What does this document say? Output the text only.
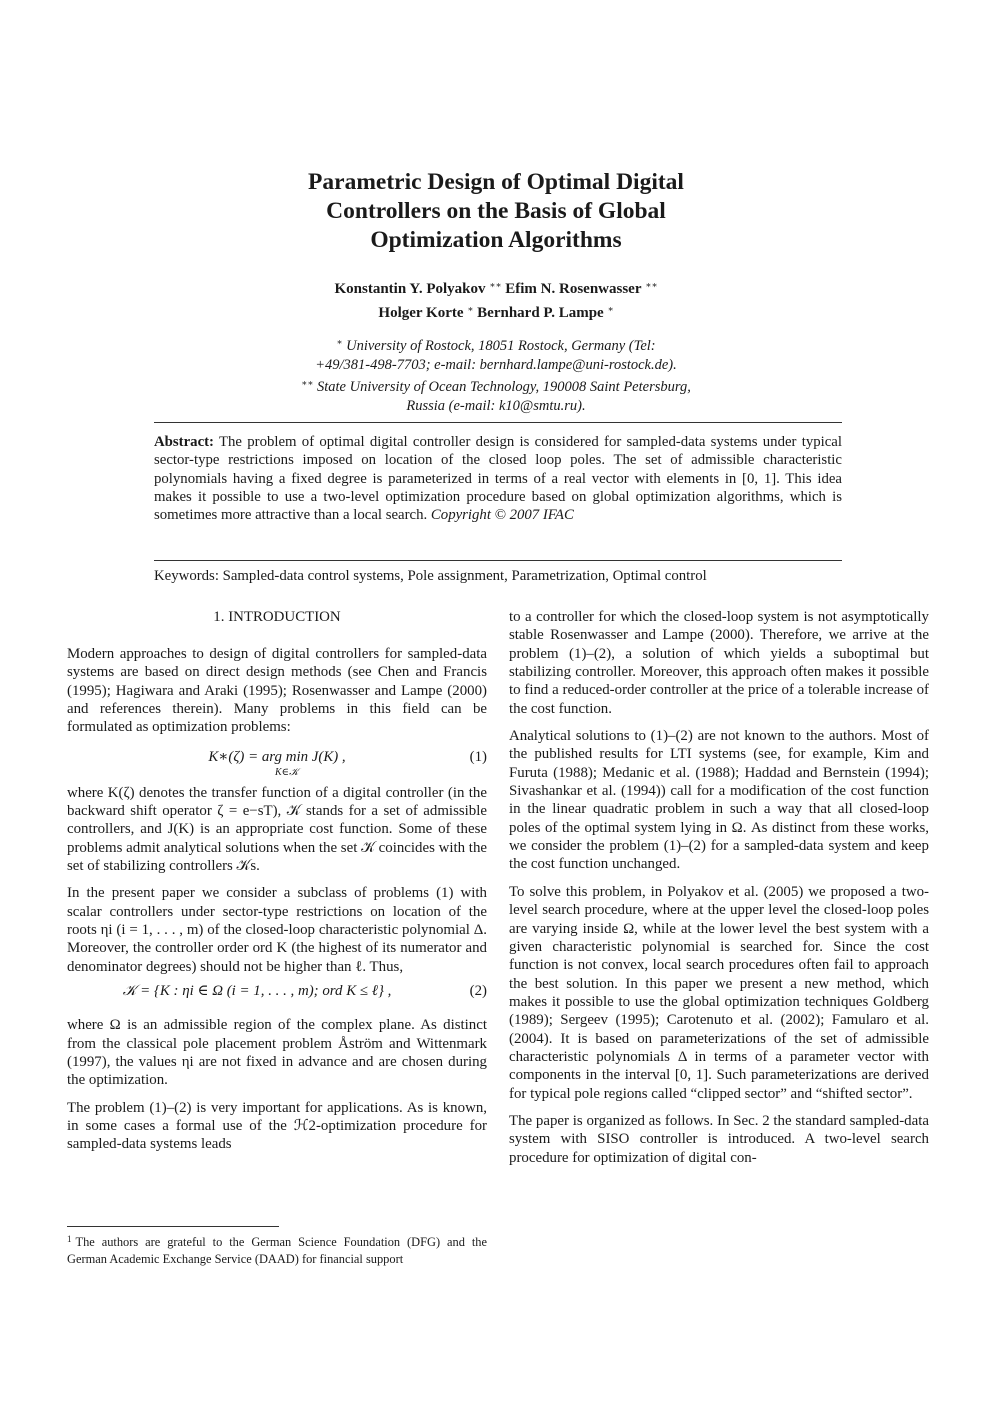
Parametric Design of Optimal Digital
Controllers on the Basis of Global
Optimization Algorithms
Konstantin Y. Polyakov ∗∗ Efim N. Rosenwasser ∗∗
Holger Korte ∗ Bernhard P. Lampe ∗
∗ University of Rostock, 18051 Rostock, Germany (Tel:
+49/381-498-7703; e-mail: bernhard.lampe@uni-rostock.de).
∗∗ State University of Ocean Technology, 190008 Saint Petersburg,
Russia (e-mail: k10@smtu.ru).
Abstract: The problem of optimal digital controller design is considered for sampled-data systems under typical sector-type restrictions imposed on location of the closed loop poles. The set of admissible characteristic polynomials having a fixed degree is parameterized in terms of a real vector with elements in [0, 1]. This idea makes it possible to use a two-level optimization procedure based on global optimization algorithms, which is sometimes more attractive than a local search. Copyright © 2007 IFAC
Keywords: Sampled-data control systems, Pole assignment, Parametrization, Optimal control
1. INTRODUCTION

Modern approaches to design of digital controllers for sampled-data systems are based on direct design methods (see Chen and Francis (1995); Hagiwara and Araki (1995); Rosenwasser and Lampe (2000) and references therein). Many problems in this field can be formulated as optimization problems:

K∗(ζ) = arg min J(K) ,
K∈𝒦
(1)

where K(ζ) denotes the transfer function of a digital controller (in the backward shift operator ζ = e−sT), 𝒦 stands for a set of admissible controllers, and J(K) is an appropriate cost function. Some of these problems admit analytical solutions when the set 𝒦 coincides with the set of stabilizing controllers 𝒦s.

In the present paper we consider a subclass of problems (1) with scalar controllers under sector-type restrictions on location of the roots ηi (i = 1, . . . , m) of the closed-loop characteristic polynomial Δ. Moreover, the controller order ord K (the highest of its numerator and denominator degrees) should not be higher than ℓ. Thus,

𝒦 = {K : ηi ∈ Ω (i = 1, . . . , m); ord K ≤ ℓ} ,	(2)

where Ω is an admissible region of the complex plane. As distinct from the classical pole placement problem Åström and Wittenmark (1997), the values ηi are not fixed in advance and are chosen during the optimization.

The problem (1)–(2) is very important for applications. As is known, in some cases a formal use of the ℋ2-optimization procedure for sampled-data systems leads

to a controller for which the closed-loop system is not asymptotically stable Rosenwasser and Lampe (2000). Therefore, we arrive at the problem (1)–(2), a solution of which yields a suboptimal but stabilizing controller. Moreover, this approach often makes it possible to find a reduced-order controller at the price of a tolerable increase of the cost function.

Analytical solutions to (1)–(2) are not known to the authors. Most of the published results for LTI systems (see, for example, Kim and Furuta (1988); Medanic et al. (1988); Haddad and Bernstein (1994); Sivashankar et al. (1994)) call for a modification of the cost function in the linear quadratic problem in such a way that all closed-loop poles of the optimal system lying in Ω. As distinct from these works, we consider the problem (1)–(2) for a sampled-data system and keep the cost function unchanged.

To solve this problem, in Polyakov et al. (2005) we proposed a two-level search procedure, where at the upper level the closed-loop poles are varying inside Ω, while at the lower level the best system with a given characteristic polynomial is searched for. Since the cost function is not convex, local search procedures often fail to approach the best solution. In this paper we present a new method, which makes it possible to use the global optimization techniques Goldberg (1989); Sergeev (1995); Carotenuto et al. (2002); Famularo et al. (2004). It is based on parameterizations of the set of admissible characteristic polynomials Δ in terms of a parameter vector with components in the interval [0, 1]. Such parameterizations are derived for typical pole regions called “clipped sector” and “shifted sector”.

The paper is organized as follows. In Sec. 2 the standard sampled-data system with SISO controller is introduced. A two-level search procedure for optimization of digital con-

$^1$ The authors are grateful to the German Science Foundation (DFG) and the German Academic Exchange Service (DAAD) for financial support
